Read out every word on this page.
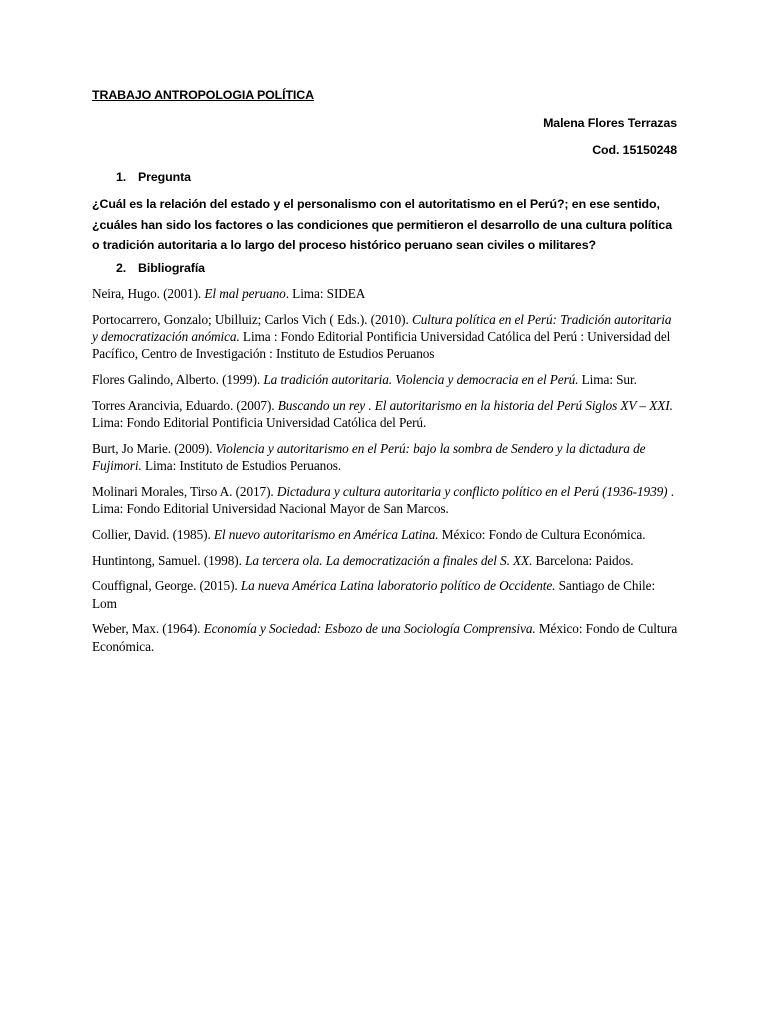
TRABAJO ANTROPOLOGIA POLÍTICA
Malena Flores Terrazas
Cod. 15150248
1. Pregunta

¿Cuál es la relación del estado y el personalismo con el autoritatismo en el Perú?; en ese sentido, ¿cuáles han sido los factores o las condiciones que permitieron el desarrollo de una cultura política o tradición autoritaria a lo largo del proceso histórico peruano sean civiles o militares?

2. Bibliografía
Neira, Hugo. (2001). El mal peruano. Lima: SIDEA
Portocarrero, Gonzalo; Ubilluiz; Carlos Vich ( Eds.). (2010). Cultura política en el Perú: Tradición autoritaria y democratización anómica. Lima : Fondo Editorial Pontificia Universidad Católica del Perú : Universidad del Pacífico, Centro de Investigación : Instituto de Estudios Peruanos
Flores Galindo, Alberto. (1999). La tradición autoritaria. Violencia y democracia en el Perú. Lima: Sur.
Torres Arancivia, Eduardo. (2007). Buscando un rey . El autoritarismo en la historia del Perú Siglos XV – XXI. Lima: Fondo Editorial Pontificia Universidad Católica del Perú.
Burt, Jo Marie. (2009). Violencia y autoritarismo en el Perú: bajo la sombra de Sendero y la dictadura de Fujimori. Lima: Instituto de Estudios Peruanos.
Molinari Morales, Tirso A. (2017). Dictadura y cultura autoritaria y conflicto político en el Perú (1936-1939) . Lima: Fondo Editorial Universidad Nacional Mayor de San Marcos.
Collier, David. (1985). El nuevo autoritarismo en América Latina. México: Fondo de Cultura Económica.
Huntintong, Samuel. (1998). La tercera ola. La democratización a finales del S. XX. Barcelona: Paidos.
Couffignal, George. (2015). La nueva América Latina laboratorio político de Occidente. Santiago de Chile: Lom
Weber, Max. (1964). Economía y Sociedad: Esbozo de una Sociología Comprensiva. México: Fondo de Cultura Económica.
